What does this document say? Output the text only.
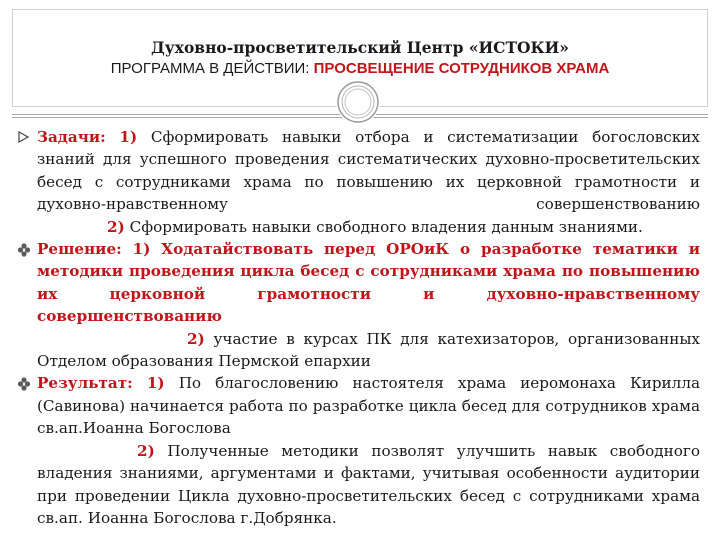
Духовно-просветительский Центр «ИСТОКИ»
ПРОГРАММА В ДЕЙСТВИИ: ПРОСВЕЩЕНИЕ СОТРУДНИКОВ ХРАМА

Задачи: 1) Сформировать навыки отбора и систематизации богословских знаний для успешного проведения систематических духовно-просветительских бесед с сотрудниками храма по повышению их церковной грамотности и духовно-нравственному совершенствованию

2) Сформировать навыки свободного владения данным знаниями.

Решение: 1) Ходатайствовать перед ОРОиК о разработке тематики и методики проведения цикла бесед с сотрудниками храма по повышению их церковной грамотности и духовно-нравственному совершенствованию

2) участие в курсах ПК для катехизаторов, организованных Отделом образования Пермской епархии

Результат: 1) По благословению настоятеля храма иеромонаха Кирилла (Савинова) начинается работа по разработке цикла бесед для сотрудников храма св.ап.Иоанна Богослова

2) Полученные методики позволят улучшить навык свободного владения знаниями, аргументами и фактами, учитывая особенности аудитории при проведении Цикла духовно-просветительских бесед с сотрудниками храма св.ап. Иоанна Богослова г.Добрянка.
